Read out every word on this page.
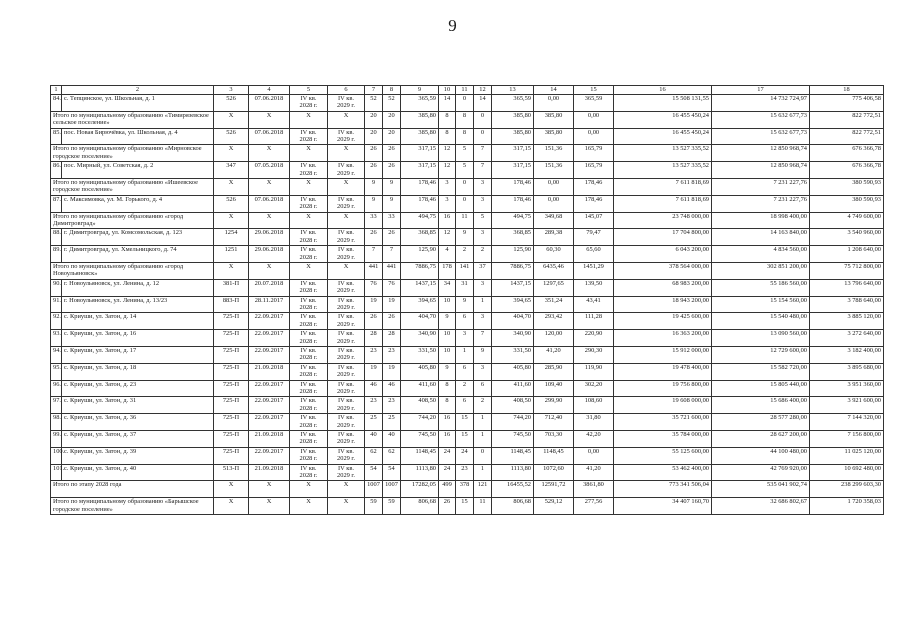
9
1	2	3	4	5	6	7	8	9	10	11	12	13	14	15	16	17	18
84.	с. Тепцинское, ул. Школьная, д. 1	526	07.06.2018	IV кв.
2028 г.	IV кв.
2029 г.	52	52	365,59	14	0	14	365,59	0,00	365,59	15 508 131,55	14 732 724,97	775 406,58
Итого по муниципальному образованию «Тимирязевское сельское поселение»		X	X	X	X	20	20	385,80	8	8	0	385,80	385,80	0,00	16 455 450,24	15 632 677,73	822 772,51
85.	пос. Новая Бирючёвка, ул. Школьная, д. 4	526	07.06.2018	IV кв.
2028 г.	IV кв.
2029 г.	20	20	385,80	8	8	0	385,80	385,80	0,00	16 455 450,24	15 632 677,73	822 772,51
Итого по муниципальному образованию «Мирновское городское поселение»		X	X	X	X	26	26	317,15	12	5	7	317,15	151,36	165,79	13 527 335,52	12 850 968,74	676 366,78
86.	пос. Мирный, ул. Советская, д. 2	347	07.05.2018	IV кв.
2028 г.	IV кв.
2029 г.	26	26	317,15	12	5	7	317,15	151,36	165,79	13 527 335,52	12 850 968,74	676 366,78
Итого по муниципальному образованию «Ишеевское городское поселение»		X	X	X	X	9	9	178,46	3	0	3	178,46	0,00	178,46	7 611 818,69	7 231 227,76	380 590,93
87.	с. Максимовка, ул. М. Горького, д. 4	526	07.06.2018	IV кв.
2028 г.	IV кв.
2029 г.	9	9	178,46	3	0	3	178,46	0,00	178,46	7 611 818,69	7 231 227,76	380 590,93
Итого по муниципальному образованию «город Димитровград»		X	X	X	X	33	33	494,75	16	11	5	494,75	349,68	145,07	23 748 000,00	18 998 400,00	4 749 600,00
88.	г. Димитровград, ул. Комсомольская, д. 123	1254	29.06.2018	IV кв.
2028 г.	IV кв.
2029 г.	26	26	368,85	12	9	3	368,85	289,38	79,47	17 704 800,00	14 163 840,00	3 540 960,00
89.	г. Димитровград, ул. Хмельницкого, д. 74	1251	29.06.2018	IV кв.
2028 г.	IV кв.
2029 г.	7	7	125,90	4	2	2	125,90	60,30	65,60	6 043 200,00	4 834 560,00	1 208 640,00
Итого по муниципальному образованию «город Новоульяновск»		X	X	X	X	441	441	7886,75	178	141	37	7886,75	6435,46	1451,29	378 564 000,00	302 851 200,00	75 712 800,00
90.	г. Новоульяновск, ул. Ленина, д. 12	381-П	20.07.2018	IV кв.
2028 г.	IV кв.
2029 г.	76	76	1437,15	34	31	3	1437,15	1297,65	139,50	68 983 200,00	55 186 560,00	13 796 640,00
91.	г. Новоульяновск, ул. Ленина, д. 13/23	883-П	28.11.2017	IV кв.
2028 г.	IV кв.
2029 г.	19	19	394,65	10	9	1	394,65	351,24	43,41	18 943 200,00	15 154 560,00	3 788 640,00
92.	с. Криуши, ул. Затон, д. 14	725-П	22.09.2017	IV кв.
2028 г.	IV кв.
2029 г.	26	26	404,70	9	6	3	404,70	293,42	111,28	19 425 600,00	15 540 480,00	3 885 120,00
93.	с. Криуши, ул. Затон, д. 16	725-П	22.09.2017	IV кв.
2028 г.	IV кв.
2029 г.	28	28	340,90	10	3	7	340,90	120,00	220,90	16 363 200,00	13 090 560,00	3 272 640,00
94.	с. Криуши, ул. Затон, д. 17	725-П	22.09.2017	IV кв.
2028 г.	IV кв.
2029 г.	23	23	331,50	10	1	9	331,50	41,20	290,30	15 912 000,00	12 729 600,00	3 182 400,00
95.	с. Криуши, ул. Затон, д. 18	725-П	21.09.2018	IV кв.
2028 г.	IV кв.
2029 г.	19	19	405,80	9	6	3	405,80	285,90	119,90	19 478 400,00	15 582 720,00	3 895 680,00
96.	с. Криуши, ул. Затон, д. 23	725-П	22.09.2017	IV кв.
2028 г.	IV кв.
2029 г.	46	46	411,60	8	2	6	411,60	109,40	302,20	19 756 800,00	15 805 440,00	3 951 360,00
97.	с. Криуши, ул. Затон, д. 31	725-П	22.09.2017	IV кв.
2028 г.	IV кв.
2029 г.	23	23	408,50	8	6	2	408,50	299,90	108,60	19 608 000,00	15 686 400,00	3 921 600,00
98.	с. Криуши, ул. Затон, д. 36	725-П	22.09.2017	IV кв.
2028 г.	IV кв.
2029 г.	25	25	744,20	16	15	1	744,20	712,40	31,80	35 721 600,00	28 577 280,00	7 144 320,00
99.	с. Криуши, ул. Затон, д. 37	725-П	21.09.2018	IV кв.
2028 г.	IV кв.
2029 г.	40	40	745,50	16	15	1	745,50	703,30	42,20	35 784 000,00	28 627 200,00	7 156 800,00
100.	с. Криуши, ул. Затон, д. 39	725-П	22.09.2017	IV кв.
2028 г.	IV кв.
2029 г.	62	62	1148,45	24	24	0	1148,45	1148,45	0,00	55 125 600,00	44 100 480,00	11 025 120,00
101.	с. Криуши, ул. Затон, д. 40	513-П	21.09.2018	IV кв.
2028 г.	IV кв.
2029 г.	54	54	1113,80	24	23	1	1113,80	1072,60	41,20	53 462 400,00	42 769 920,00	10 692 480,00
Итого по этапу 2028 года		X	X	X	X	1007	1007	17282,05	499	378	121	16455,52	12591,72	3861,80	773 341 506,04	535 041 902,74	238 299 603,30
Итого по муниципальному образованию «Барышское городское поселение»		X	X	X	X	59	59	806,68	26	15	11	806,68	529,12	277,56	34 407 160,70	32 686 802,67	1 720 358,03
